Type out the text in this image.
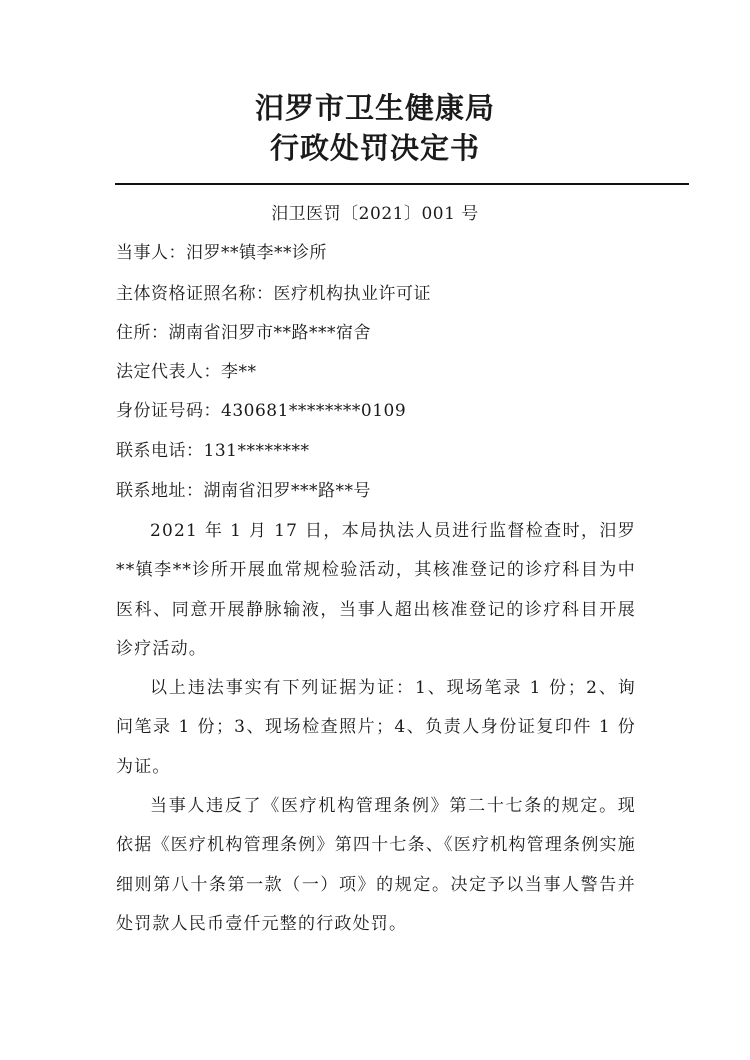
汨罗市卫生健康局
行政处罚决定书
汨卫医罚〔2021〕001 号
当事人：汨罗**镇李**诊所
主体资格证照名称：医疗机构执业许可证
住所：湖南省汨罗市**路***宿舍
法定代表人：李**
身份证号码：430681********0109
联系电话：131********
联系地址：湖南省汨罗***路**号

2021 年 1 月 17 日，本局执法人员进行监督检查时，汨罗**镇李**诊所开展血常规检验活动，其核准登记的诊疗科目为中医科、同意开展静脉输液，当事人超出核准登记的诊疗科目开展诊疗活动。

以上违法事实有下列证据为证：1、现场笔录 1 份；2、询问笔录 1 份；3、现场检查照片；4、负责人身份证复印件 1 份为证。

当事人违反了《医疗机构管理条例》第二十七条的规定。现依据《医疗机构管理条例》第四十七条、《医疗机构管理条例实施细则第八十条第一款（一）项》的规定。决定予以当事人警告并处罚款人民币壹仟元整的行政处罚。
